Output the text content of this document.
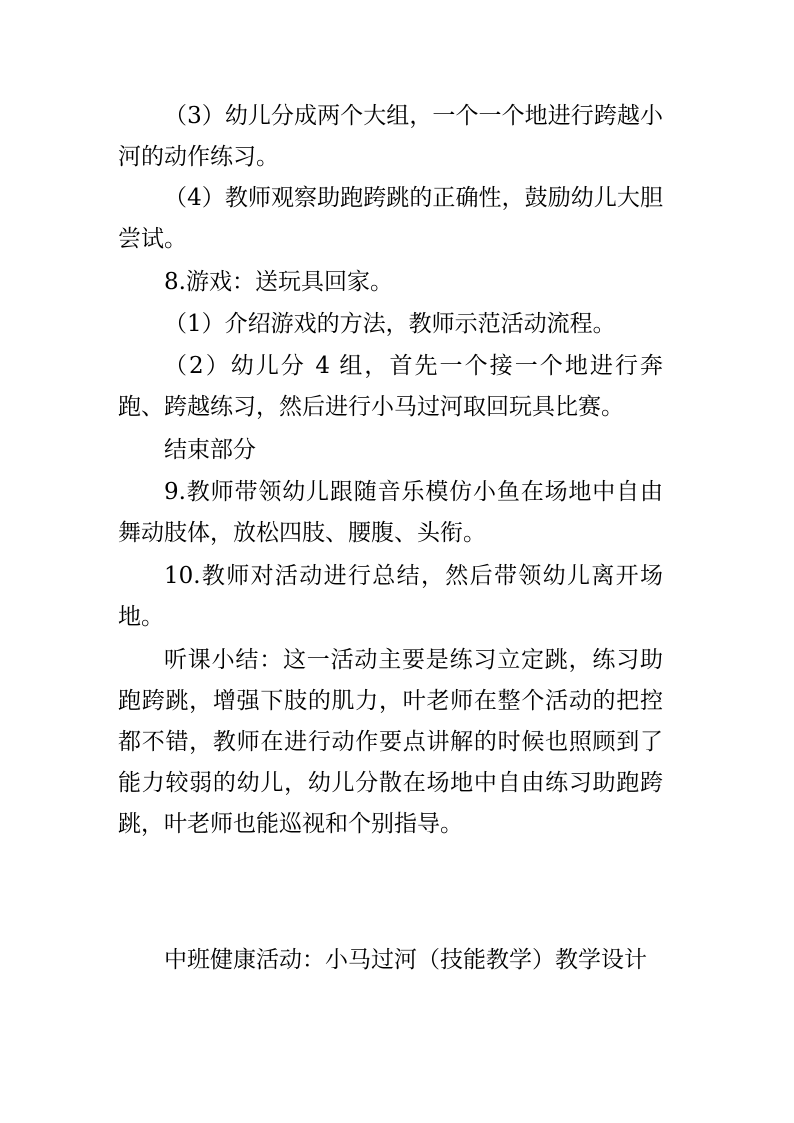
（3）幼儿分成两个大组，一个一个地进行跨越小河的动作练习。

（4）教师观察助跑跨跳的正确性，鼓励幼儿大胆尝试。

8.游戏：送玩具回家。

（1）介绍游戏的方法，教师示范活动流程。

（2）幼儿分 4 组，首先一个接一个地进行奔跑、跨越练习，然后进行小马过河取回玩具比赛。

结束部分

9.教师带领幼儿跟随音乐模仿小鱼在场地中自由舞动肢体，放松四肢、腰腹、头衔。

10.教师对活动进行总结，然后带领幼儿离开场地。

听课小结：这一活动主要是练习立定跳，练习助跑跨跳，增强下肢的肌力，叶老师在整个活动的把控都不错，教师在进行动作要点讲解的时候也照顾到了能力较弱的幼儿，幼儿分散在场地中自由练习助跑跨跳，叶老师也能巡视和个别指导。

中班健康活动：小马过河（技能教学）教学设计
